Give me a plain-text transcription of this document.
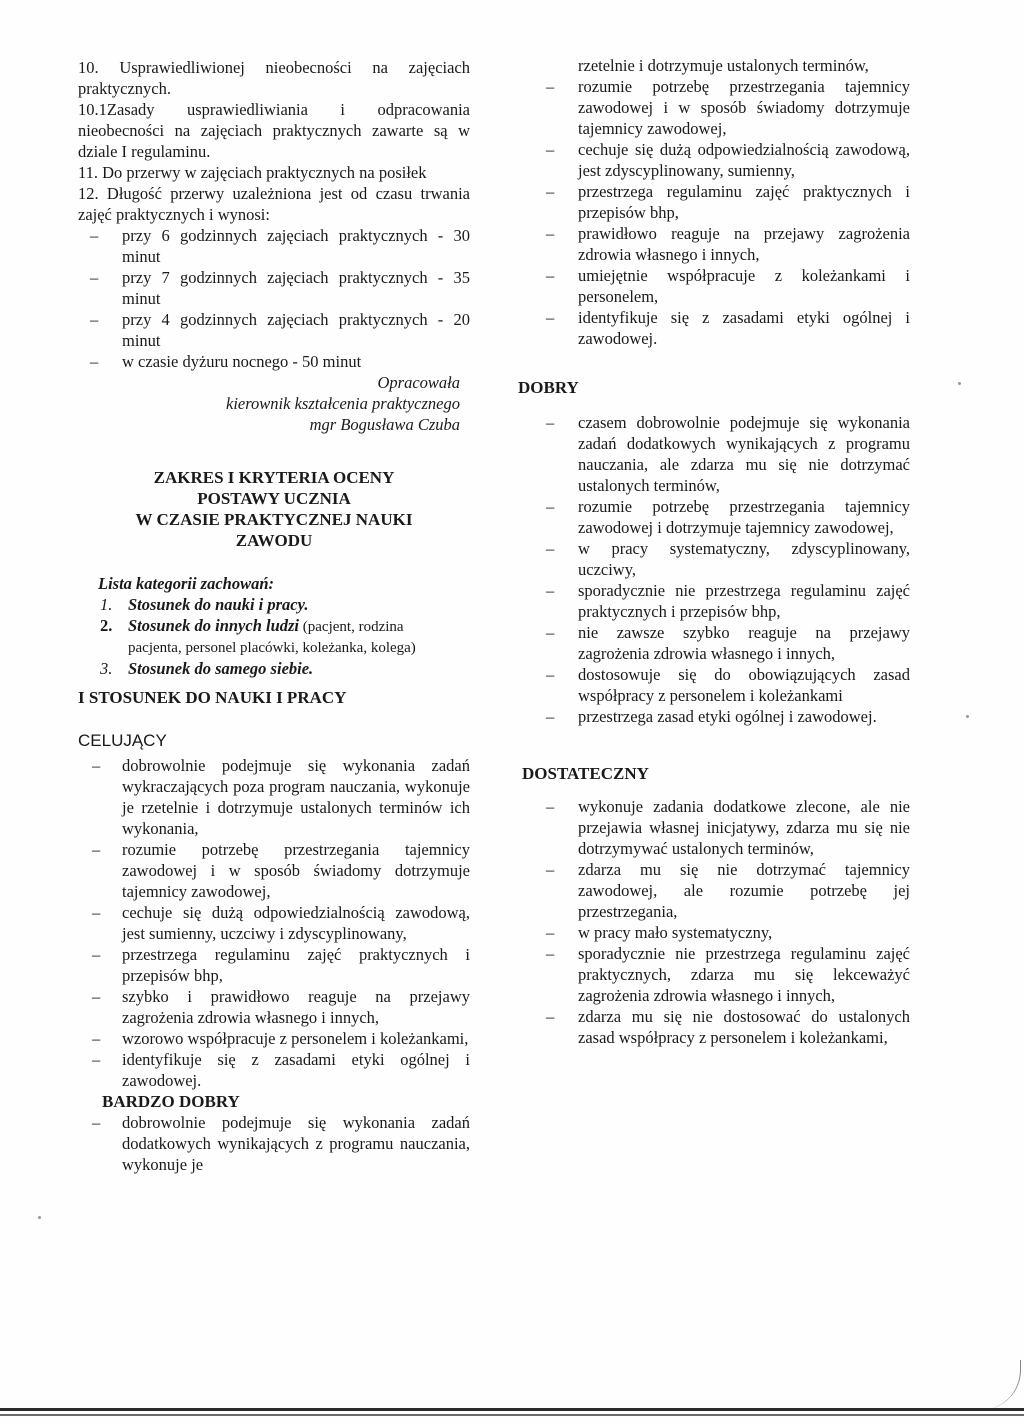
10. Usprawiedliwionej nieobecności na zajęciach praktycznych.

10.1Zasady usprawiedliwiania i odpracowania nieobecności na zajęciach praktycznych zawarte są w dziale I regulaminu.

11. Do przerwy w zajęciach praktycznych na posiłek

12. Długość przerwy uzależniona jest od czasu trwania zajęć praktycznych i wynosi:

– przy 6 godzinnych zajęciach praktycznych - 30 minut
– przy 7 godzinnych zajęciach praktycznych - 35 minut
– przy 4 godzinnych zajęciach praktycznych - 20 minut
– w czasie dyżuru nocnego - 50 minut
Opracowała
kierownik kształcenia praktycznego
mgr Bogusława Czuba
ZAKRES I KRYTERIA OCENY
POSTAWY UCZNIA
W CZASIE PRAKTYCZNEJ NAUKI
ZAWODU
Lista kategorii zachowań:
1. Stosunek do nauki i pracy.
2. Stosunek do innych ludzi (pacjent, rodzina
pacjenta, personel placówki, koleżanka, kolega)
3. Stosunek do samego siebie.
I STOSUNEK DO NAUKI I PRACY
CELUJĄCY
– dobrowolnie podejmuje się wykonania zadań wykraczających poza program nauczania, wykonuje je rzetelnie i dotrzymuje ustalonych terminów ich wykonania,
– rozumie potrzebę przestrzegania tajemnicy zawodowej i w sposób świadomy dotrzymuje tajemnicy zawodowej,
– cechuje się dużą odpowiedzialnością zawodową, jest sumienny, uczciwy i zdyscyplinowany,
– przestrzega regulaminu zajęć praktycznych i przepisów bhp,
– szybko i prawidłowo reaguje na przejawy zagrożenia zdrowia własnego i innych,
– wzorowo współpracuje z personelem i koleżankami,
– identyfikuje się z zasadami etyki ogólnej i zawodowej.
BARDZO DOBRY
– dobrowolnie podejmuje się wykonania zadań dodatkowych wynikających z programu nauczania, wykonuje je
rzetelnie i dotrzymuje ustalonych terminów,
– rozumie potrzebę przestrzegania tajemnicy zawodowej i w sposób świadomy dotrzymuje tajemnicy zawodowej,
– cechuje się dużą odpowiedzialnością zawodową, jest zdyscyplinowany, sumienny,
– przestrzega regulaminu zajęć praktycznych i przepisów bhp,
– prawidłowo reaguje na przejawy zagrożenia zdrowia własnego i innych,
– umiejętnie współpracuje z koleżankami i personelem,
– identyfikuje się z zasadami etyki ogólnej i zawodowej.
DOBRY
– czasem dobrowolnie podejmuje się wykonania zadań dodatkowych wynikających z programu nauczania, ale zdarza mu się nie dotrzymać ustalonych terminów,
– rozumie potrzebę przestrzegania tajemnicy zawodowej i dotrzymuje tajemnicy zawodowej,
– w pracy systematyczny, zdyscyplinowany, uczciwy,
– sporadycznie nie przestrzega regulaminu zajęć praktycznych i przepisów bhp,
– nie zawsze szybko reaguje na przejawy zagrożenia zdrowia własnego i innych,
– dostosowuje się do obowiązujących zasad współpracy z personelem i koleżankami
– przestrzega zasad etyki ogólnej i zawodowej.
DOSTATECZNY
– wykonuje zadania dodatkowe zlecone, ale nie przejawia własnej inicjatywy, zdarza mu się nie dotrzymywać ustalonych terminów,
– zdarza mu się nie dotrzymać tajemnicy zawodowej, ale rozumie potrzebę jej przestrzegania,
– w pracy mało systematyczny,
– sporadycznie nie przestrzega regulaminu zajęć praktycznych, zdarza mu się lekceważyć zagrożenia zdrowia własnego i innych,
– zdarza mu się nie dostosować do ustalonych zasad współpracy z personelem i koleżankami,
